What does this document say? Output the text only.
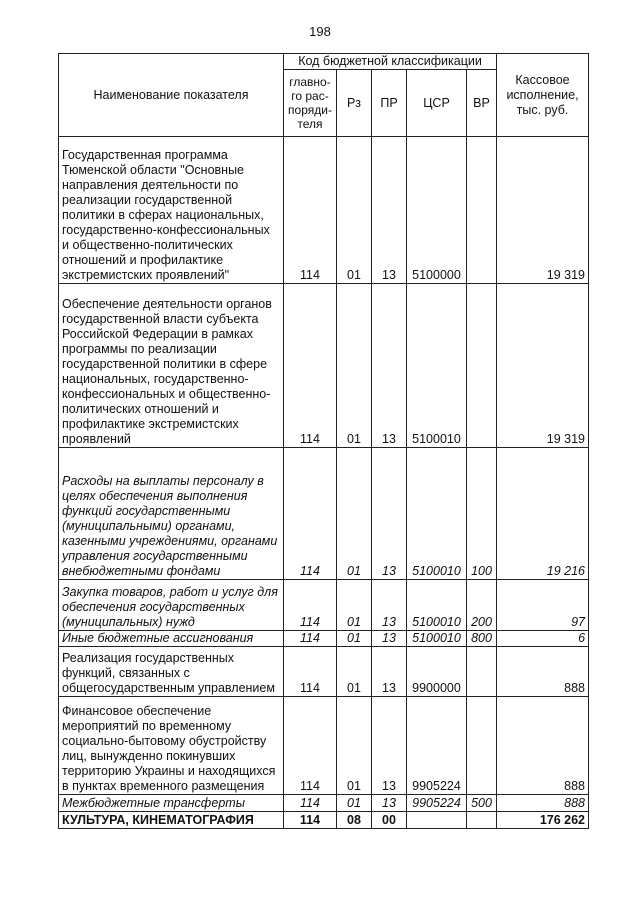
198
Наименование показателя	Код бюджетной классификации					Кассовое исполнение, тыс. руб.
	главно-го рас-поряди-теля	Рз	ПР	ЦСР	ВР	
Государственная программа Тюменской области "Основные направления деятельности по реализации государственной политики в сферах национальных, государственно-конфессиональных и общественно-политических отношений и профилактике экстремистских проявлений"	114	01	13	5100000		19 319
Обеспечение деятельности органов государственной власти субъекта Российской Федерации в рамках программы по реализации государственной политики в сфере национальных, государственно-конфессиональных и общественно-политических отношений и профилактике экстремистских проявлений	114	01	13	5100010		19 319
Расходы на выплаты персоналу в целях обеспечения выполнения функций государственными (муниципальными) органами, казенными учреждениями, органами управления государственными внебюджетными фондами	114	01	13	5100010	100	19 216
Закупка товаров, работ и услуг для обеспечения государственных (муниципальных) нужд	114	01	13	5100010	200	97
Иные бюджетные ассигнования	114	01	13	5100010	800	6
Реализация государственных функций, связанных с общегосударственным управлением	114	01	13	9900000		888
Финансовое обеспечение мероприятий по временному социально-бытовому обустройству лиц, вынужденно покинувших территорию Украины и находящихся в пунктах временного размещения	114	01	13	9905224		888
Межбюджетные трансферты	114	01	13	9905224	500	888
КУЛЬТУРА, КИНЕМАТОГРАФИЯ	114	08	00			176 262
